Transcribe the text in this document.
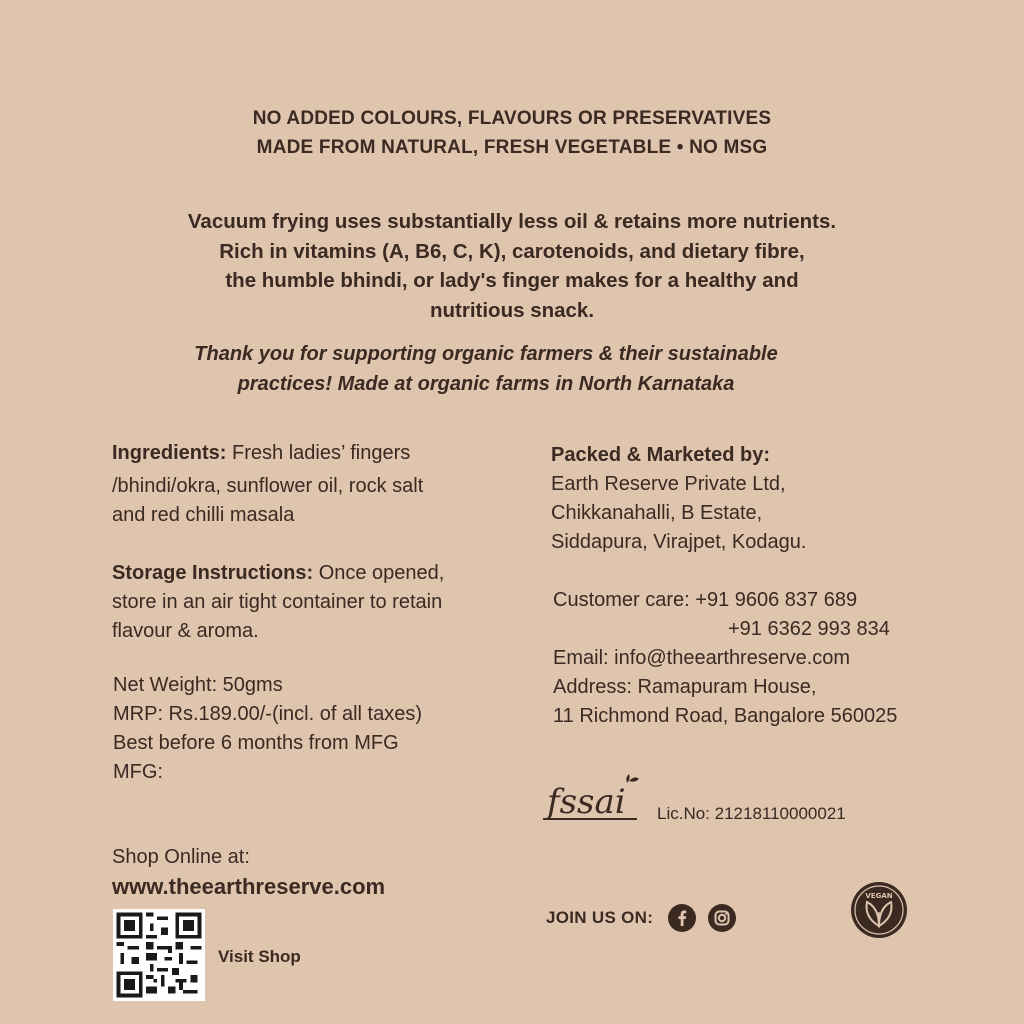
NO ADDED COLOURS, FLAVOURS OR PRESERVATIVES
MADE FROM NATURAL, FRESH VEGETABLE • NO MSG
Vacuum frying uses substantially less oil & retains more nutrients.
Rich in vitamins (A, B6, C, K), carotenoids, and dietary fibre,
the humble bhindi, or lady's finger makes for a healthy and
nutritious snack.
Thank you for supporting organic farmers & their sustainable
practices! Made at organic farms in North Karnataka
Ingredients: Fresh ladies’ fingers
/bhindi/okra, sunflower oil, rock salt
and red chilli masala
Storage Instructions: Once opened,
store in an air tight container to retain
flavour & aroma.
Net Weight: 50gms
MRP: Rs.189.00/-(incl. of all taxes)
Best before 6 months from MFG
MFG:
Packed & Marketed by:
Earth Reserve Private Ltd,
Chikkanahalli, B Estate,
Siddapura, Virajpet, Kodagu.
Customer care: +91 9606 837 689
+91 6362 993 834
Email: info@theearthreserve.com
Address: Ramapuram House,
11 Richmond Road, Bangalore 560025
fssai Lic.No: 21218110000021
Shop Online at:
www.theearthreserve.com
Visit Shop
JOIN US ON:
VEGAN
